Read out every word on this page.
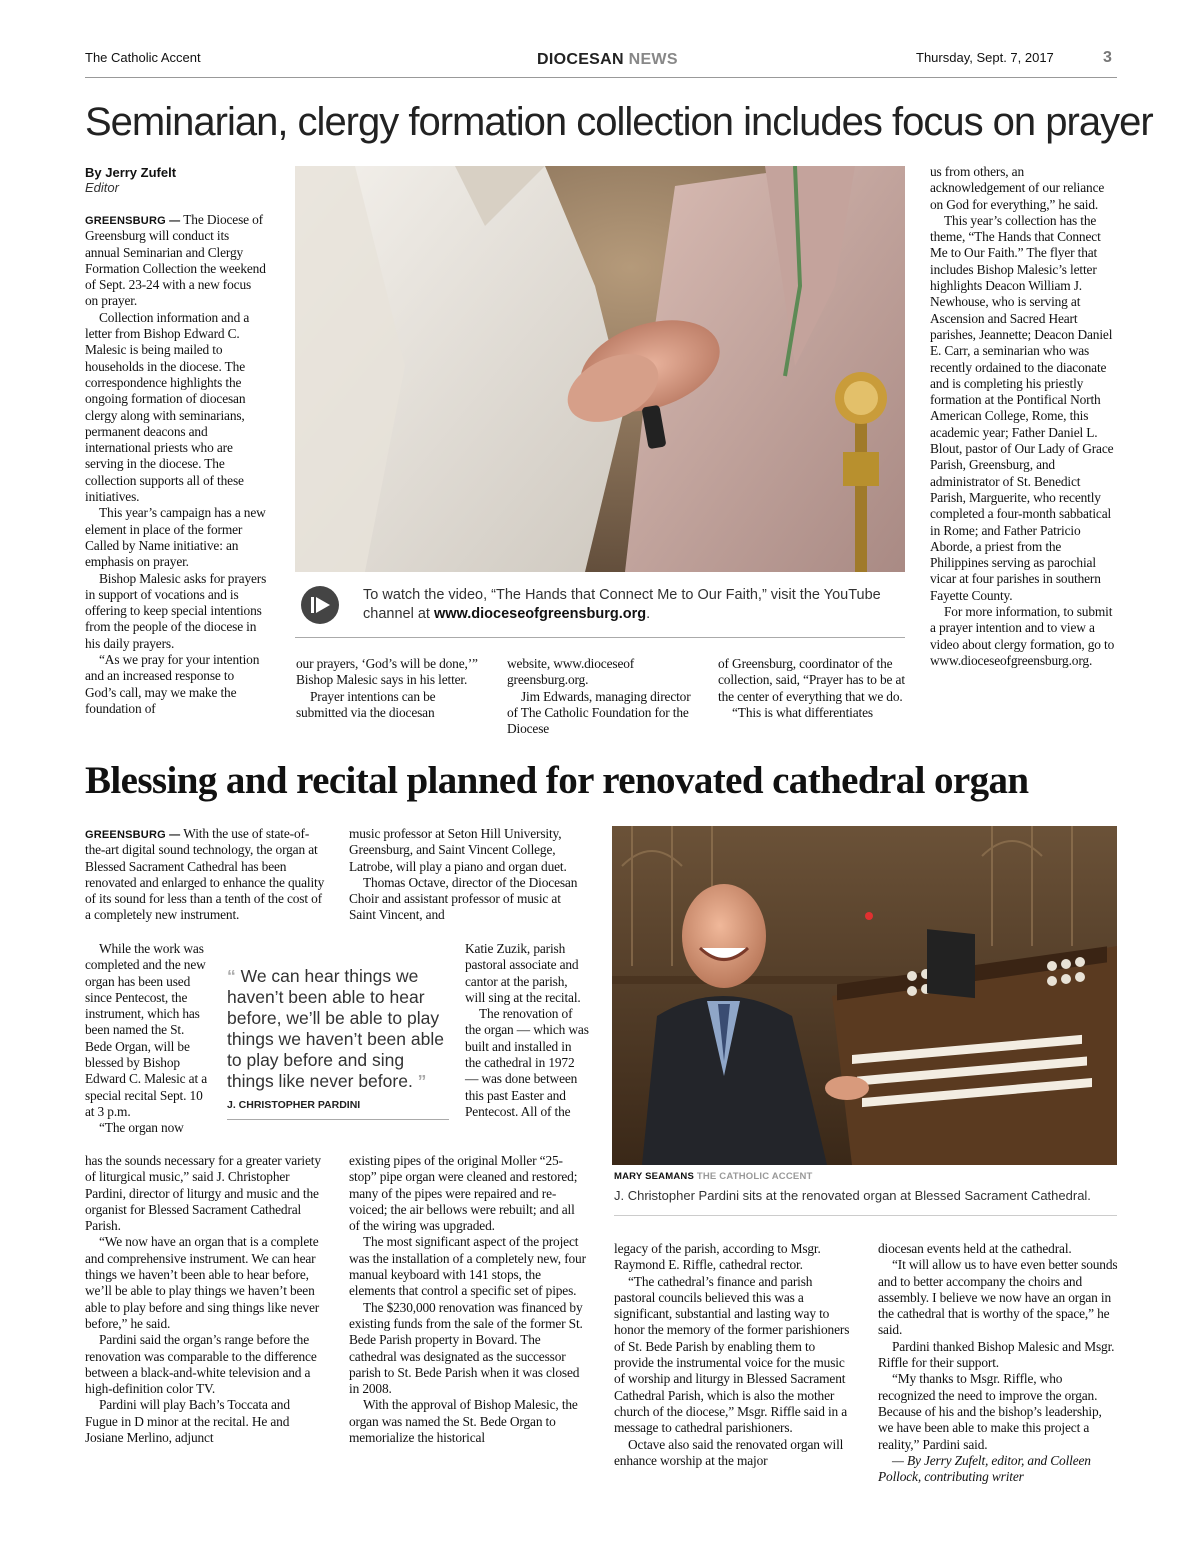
The Catholic Accent	DIOCESAN NEWS	Thursday, Sept. 7, 2017	3
Seminarian, clergy formation collection includes focus on prayer
By Jerry Zufelt
Editor

GREENSBURG — The Diocese of Greensburg will conduct its annual Seminarian and Clergy Formation Collection the weekend of Sept. 23-24 with a new focus on prayer.

Collection information and a letter from Bishop Edward C. Malesic is being mailed to households in the diocese. The correspondence highlights the ongoing formation of diocesan clergy along with seminarians, permanent deacons and international priests who are serving in the diocese. The collection supports all of these initiatives.

This year’s campaign has a new element in place of the former Called by Name initiative: an emphasis on prayer.

Bishop Malesic asks for prayers in support of vocations and is offering to keep special intentions from the people of the diocese in his daily prayers.

“As we pray for your intention and an increased response to God’s call, may we make the foundation of

To watch the video, “The Hands that Connect Me to Our Faith,” visit the YouTube channel at www.dioceseofgreensburg.org.

our prayers, ‘God’s will be done,’” Bishop Malesic says in his letter.

Prayer intentions can be submitted via the diocesan

website, www.dioceseof greensburg.org.

Jim Edwards, managing director of The Catholic Foundation for the Diocese

of Greensburg, coordinator of the collection, said, “Prayer has to be at the center of everything that we do.

“This is what differentiates

us from others, an acknowledgement of our reliance on God for everything,” he said.

This year’s collection has the theme, “The Hands that Connect Me to Our Faith.” The flyer that includes Bishop Malesic’s letter highlights Deacon William J. Newhouse, who is serving at Ascension and Sacred Heart parishes, Jeannette; Deacon Daniel E. Carr, a seminarian who was recently ordained to the diaconate and is completing his priestly formation at the Pontifical North American College, Rome, this academic year; Father Daniel L. Blout, pastor of Our Lady of Grace Parish, Greensburg, and administrator of St. Benedict Parish, Marguerite, who recently completed a four-month sabbatical in Rome; and Father Patricio Aborde, a priest from the Philippines serving as parochial vicar at four parishes in southern Fayette County.

For more information, to submit a prayer intention and to view a video about clergy formation, go to www.dioceseofgreensburg.org.

Blessing and recital planned for renovated cathedral organ

GREENSBURG — With the use of state-of-the-art digital sound technology, the organ at Blessed Sacrament Cathedral has been renovated and enlarged to enhance the quality of its sound for less than a tenth of the cost of a completely new instrument.

While the work was completed and the new organ has been used since Pentecost, the instrument, which has been named the St. Bede Organ, will be blessed by Bishop Edward C. Malesic at a special recital Sept. 10 at 3 p.m.

“The organ now

has the sounds necessary for a greater variety of liturgical music,” said J. Christopher Pardini, director of liturgy and music and the organist for Blessed Sacrament Cathedral Parish.

“We now have an organ that is a complete and comprehensive instrument. We can hear things we haven’t been able to hear before, we’ll be able to play things we haven’t been able to play before and sing things like never before,” he said.

Pardini said the organ’s range before the renovation was comparable to the difference between a black-and-white television and a high-definition color TV.

Pardini will play Bach’s Toccata and Fugue in D minor at the recital. He and Josiane Merlino, adjunct

“ We can hear things we haven’t been able to hear before, we’ll be able to play things we haven’t been able to play before and sing things like never before. ”
J. CHRISTOPHER PARDINI

music professor at Seton Hill University, Greensburg, and Saint Vincent College, Latrobe, will play a piano and organ duet.

Thomas Octave, director of the Diocesan Choir and assistant professor of music at Saint Vincent, and

Katie Zuzik, parish pastoral associate and cantor at the parish, will sing at the recital.

The renovation of the organ — which was built and installed in the cathedral in 1972 — was done between this past Easter and Pentecost. All of the

existing pipes of the original Moller “25-stop” pipe organ were cleaned and restored; many of the pipes were repaired and re-voiced; the air bellows were rebuilt; and all of the wiring was upgraded.

The most significant aspect of the project was the installation of a completely new, four manual keyboard with 141 stops, the elements that control a specific set of pipes.

The $230,000 renovation was financed by existing funds from the sale of the former St. Bede Parish property in Bovard. The cathedral was designated as the successor parish to St. Bede Parish when it was closed in 2008.

With the approval of Bishop Malesic, the organ was named the St. Bede Organ to memorialize the historical

MARY SEAMANS THE CATHOLIC ACCENT
J. Christopher Pardini sits at the renovated organ at Blessed Sacrament Cathedral.

legacy of the parish, according to Msgr. Raymond E. Riffle, cathedral rector.

“The cathedral’s finance and parish pastoral councils believed this was a significant, substantial and lasting way to honor the memory of the former parishioners of St. Bede Parish by enabling them to provide the instrumental voice for the music of worship and liturgy in Blessed Sacrament Cathedral Parish, which is also the mother church of the diocese,” Msgr. Riffle said in a message to cathedral parishioners.

Octave also said the renovated organ will enhance worship at the major

diocesan events held at the cathedral.

“It will allow us to have even better sounds and to better accompany the choirs and assembly. I believe we now have an organ in the cathedral that is worthy of the space,” he said.

Pardini thanked Bishop Malesic and Msgr. Riffle for their support.

“My thanks to Msgr. Riffle, who recognized the need to improve the organ. Because of his and the bishop’s leadership, we have been able to make this project a reality,” Pardini said.

— By Jerry Zufelt, editor, and Colleen Pollock, contributing writer
